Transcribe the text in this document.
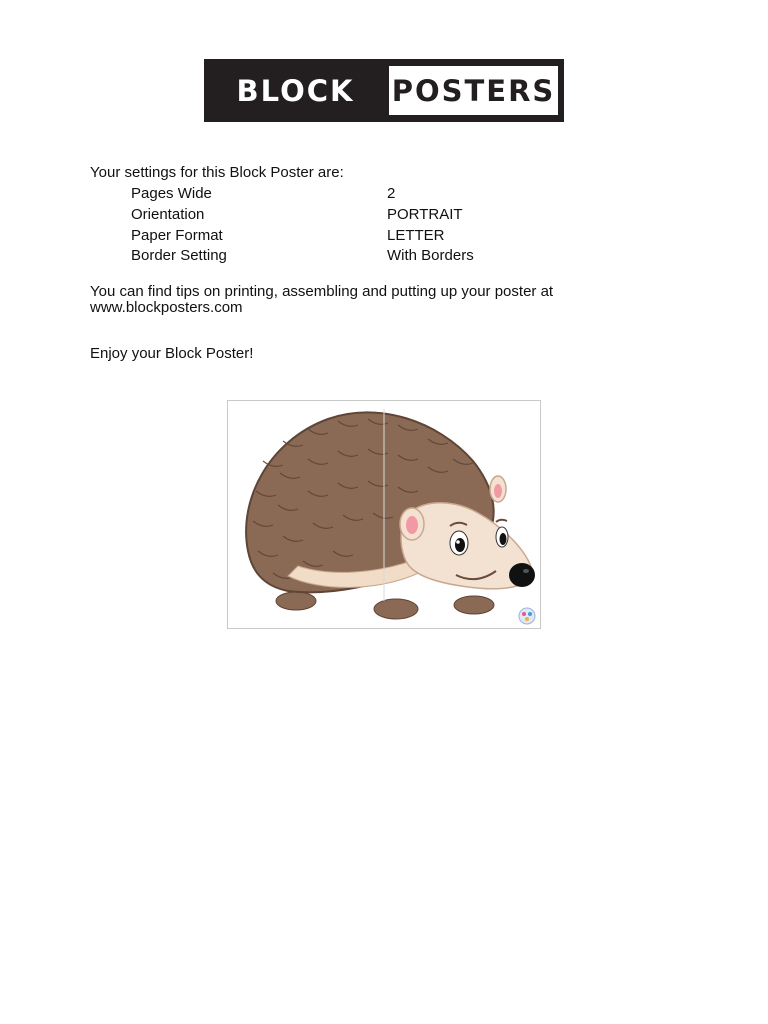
BLOCK	POSTERS
Your settings for this Block Poster are:
Pages Wide	2
Orientation	PORTRAIT
Paper Format	LETTER
Border Setting	With Borders
You can find tips on printing, assembling and putting up your poster at
www.blockposters.com
Enjoy your Block Poster!
